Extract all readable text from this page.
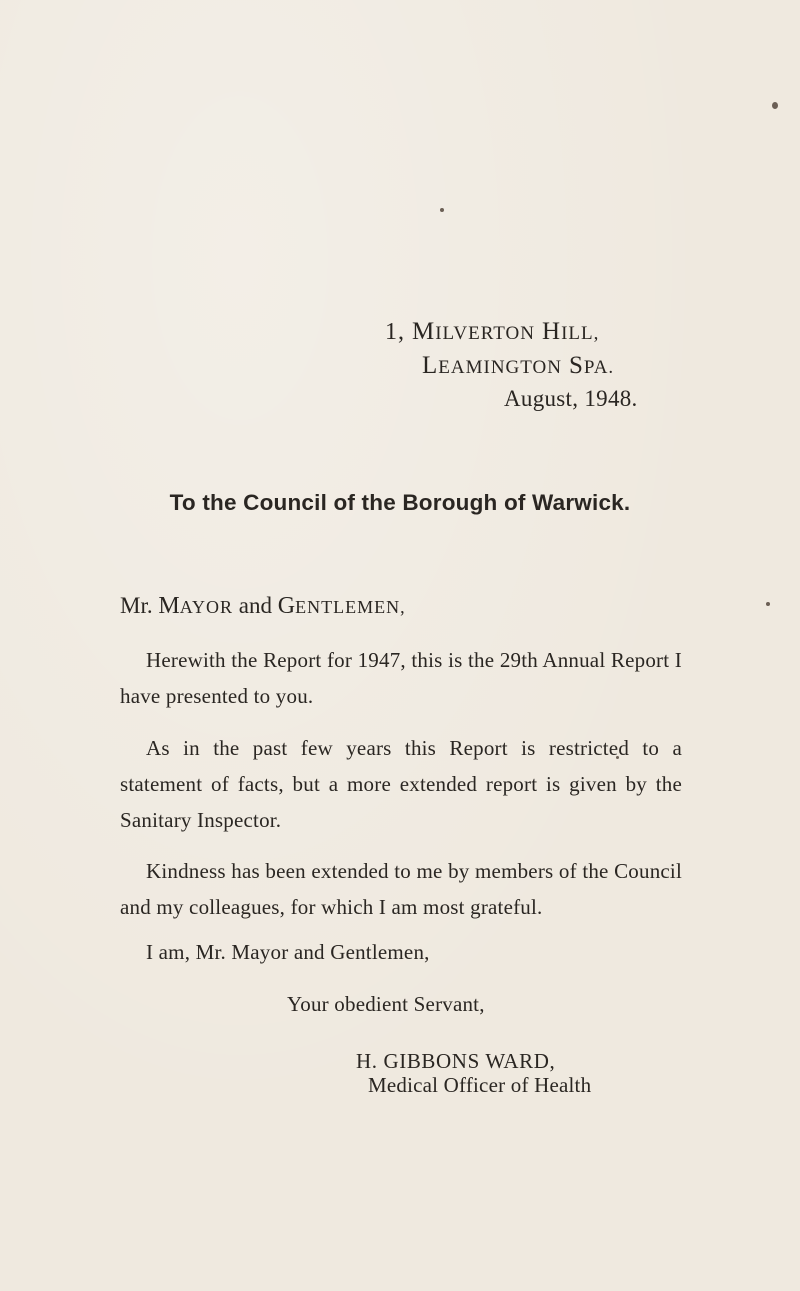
1, MILVERTON HILL,
LEAMINGTON SPA.
August, 1948.
To the Council of the Borough of Warwick.
Mr. MAYOR and GENTLEMEN,
Herewith the Report for 1947, this is the 29th Annual Report I have presented to you.
As in the past few years this Report is restricted to a statement of facts, but a more extended report is given by the Sanitary Inspector.
Kindness has been extended to me by members of the Council and my colleagues, for which I am most grateful.
I am, Mr. Mayor and Gentlemen,
Your obedient Servant,
H. GIBBONS WARD,
Medical Officer of Health
